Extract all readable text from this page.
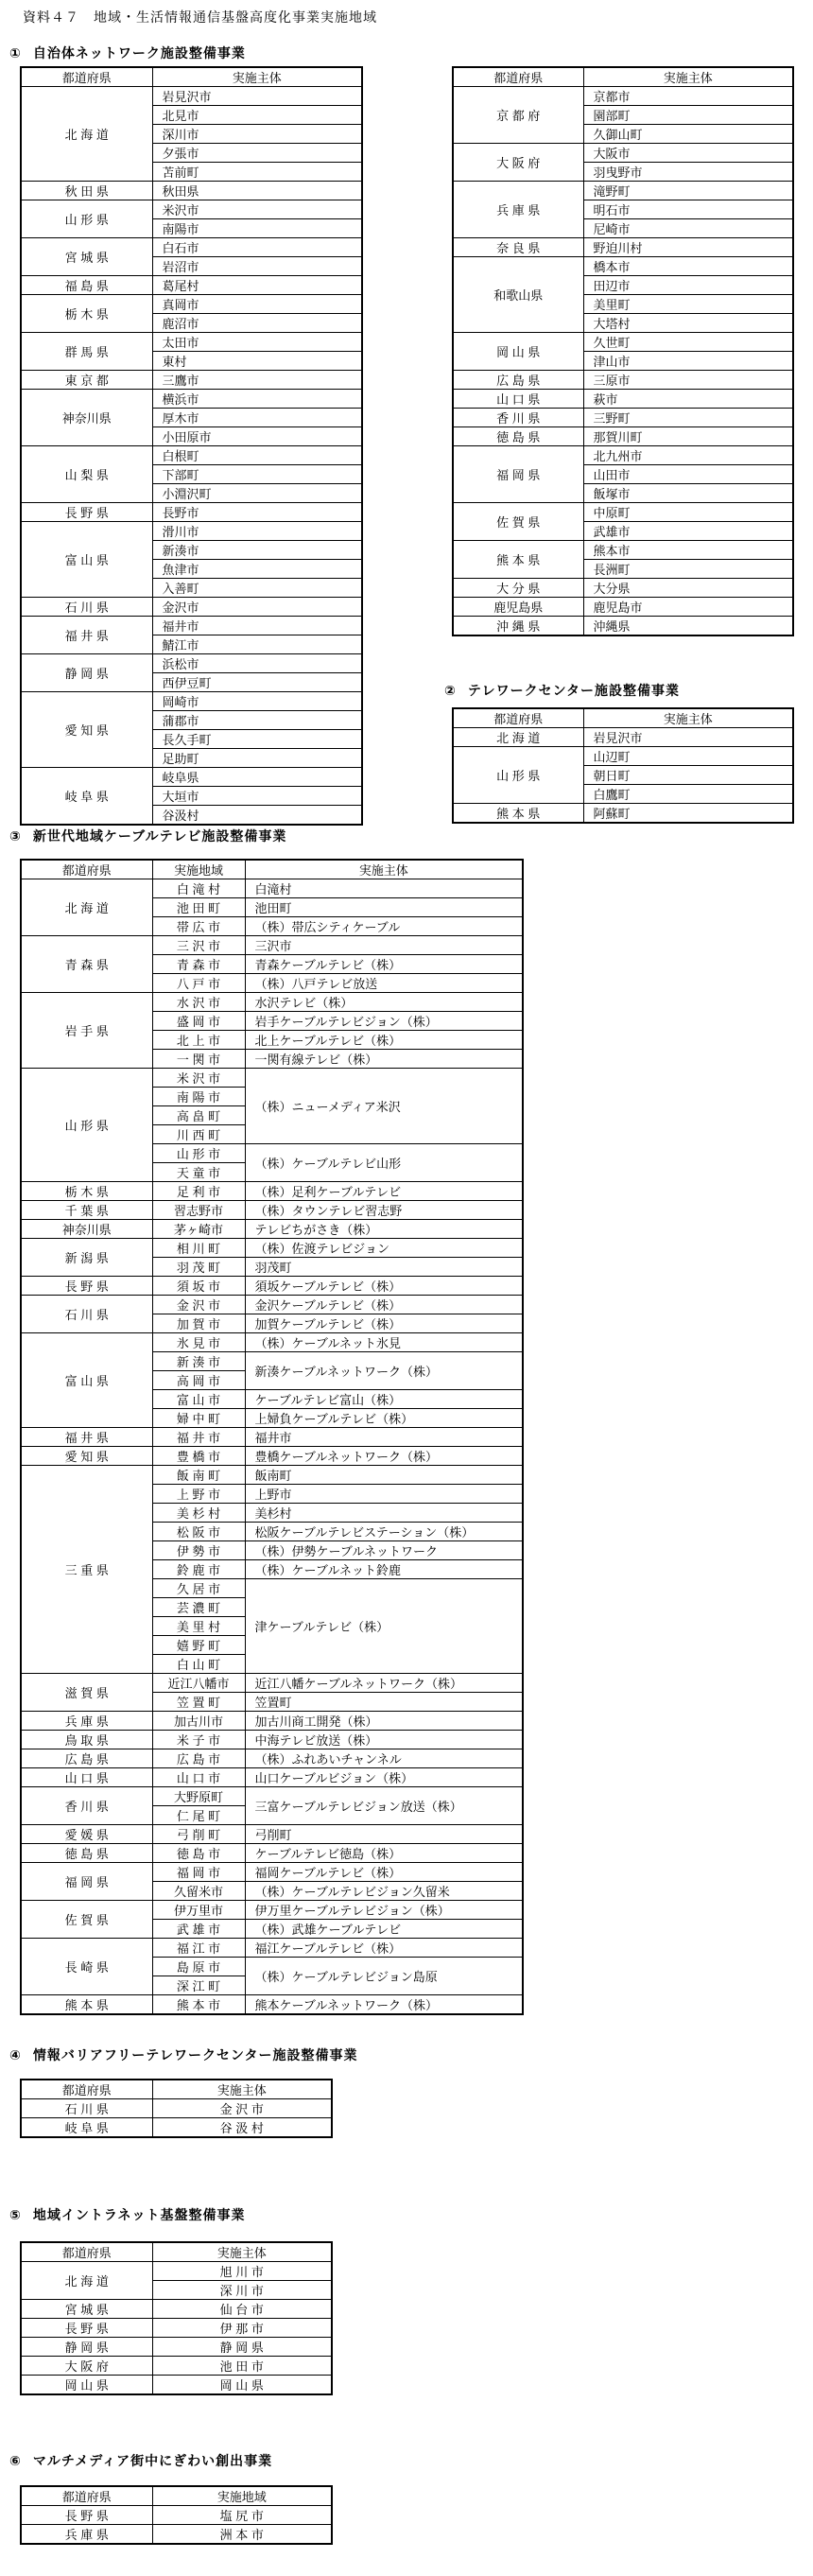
資料４７　地域・生活情報通信基盤高度化事業実施地域
① 自治体ネットワーク施設整備事業
都道府県	実施主体
北 海 道	岩見沢市
	北見市
	深川市
	夕張市
	苫前町
秋 田 県	秋田県
山 形 県	米沢市
	南陽市
宮 城 県	白石市
	岩沼市
福 島 県	葛尾村
栃 木 県	真岡市
	鹿沼市
群 馬 県	太田市
	東村
東 京 都	三鷹市
神奈川県	横浜市
	厚木市
	小田原市
山 梨 県	白根町
	下部町
	小淵沢町
長 野 県	長野市
富 山 県	滑川市
	新湊市
	魚津市
	入善町
石 川 県	金沢市
福 井 県	福井市
	鯖江市
静 岡 県	浜松市
	西伊豆町
愛 知 県	岡崎市
	蒲郡市
	長久手町
	足助町
岐 阜 県	岐阜県
	大垣市
	谷汲村
都道府県	実施主体
京 都 府	京都市
	園部町
	久御山町
大 阪 府	大阪市
	羽曳野市
兵 庫 県	滝野町
	明石市
	尼崎市
奈 良 県	野迫川村
和歌山県	橋本市
	田辺市
	美里町
	大塔村
岡 山 県	久世町
	津山市
広 島 県	三原市
山 口 県	萩市
香 川 県	三野町
徳 島 県	那賀川町
福 岡 県	北九州市
	山田市
	飯塚市
佐 賀 県	中原町
	武雄市
熊 本 県	熊本市
	長洲町
大 分 県	大分県
鹿児島県	鹿児島市
沖 縄 県	沖縄県
② テレワークセンター施設整備事業
都道府県	実施主体
北 海 道	岩見沢市
山 形 県	山辺町
	朝日町
	白鷹町
熊 本 県	阿蘇町
③ 新世代地域ケーブルテレビ施設整備事業
都道府県	実施地域	実施主体
北 海 道	白 滝 村	白滝村
	池 田 町	池田町
	帯 広 市	（株）帯広シティケーブル
青 森 県	三 沢 市	三沢市
	青 森 市	青森ケーブルテレビ（株）
	八 戸 市	（株）八戸テレビ放送
岩 手 県	水 沢 市	水沢テレビ（株）
	盛 岡 市	岩手ケーブルテレビジョン（株）
	北 上 市	北上ケーブルテレビ（株）
	一 関 市	一関有線テレビ（株）
山 形 県	米 沢 市	（株）ニューメディア米沢
	南 陽 市	
	高 畠 町	
	川 西 町	
	山 形 市	（株）ケーブルテレビ山形
	天 童 市	
栃 木 県	足 利 市	（株）足利ケーブルテレビ
千 葉 県	習志野市	（株）タウンテレビ習志野
神奈川県	茅ヶ崎市	テレビちがさき（株）
新 潟 県	相 川 町	（株）佐渡テレビジョン
	羽 茂 町	羽茂町
長 野 県	須 坂 市	須坂ケーブルテレビ（株）
石 川 県	金 沢 市	金沢ケーブルテレビ（株）
	加 賀 市	加賀ケーブルテレビ（株）
富 山 県	氷 見 市	（株）ケーブルネット氷見
	新 湊 市	新湊ケーブルネットワーク（株）
	高 岡 市	
	富 山 市	ケーブルテレビ富山（株）
	婦 中 町	上婦負ケーブルテレビ（株）
福 井 県	福 井 市	福井市
愛 知 県	豊 橋 市	豊橋ケーブルネットワーク（株）
三 重 県	飯 南 町	飯南町
	上 野 市	上野市
	美 杉 村	美杉村
	松 阪 市	松阪ケーブルテレビステーション（株）
	伊 勢 市	（株）伊勢ケーブルネットワーク
	鈴 鹿 市	（株）ケーブルネット鈴鹿
	久 居 市	津ケーブルテレビ（株）
	芸 濃 町	
	美 里 村	
	嬉 野 町	
	白 山 町	
滋 賀 県	近江八幡市	近江八幡ケーブルネットワーク（株）
	笠 置 町	笠置町
兵 庫 県	加古川市	加古川商工開発（株）
鳥 取 県	米 子 市	中海テレビ放送（株）
広 島 県	広 島 市	（株）ふれあいチャンネル
山 口 県	山 口 市	山口ケーブルビジョン（株）
香 川 県	大野原町	三富ケーブルテレビジョン放送（株）
	仁 尾 町	
愛 媛 県	弓 削 町	弓削町
徳 島 県	徳 島 市	ケーブルテレビ徳島（株）
福 岡 県	福 岡 市	福岡ケーブルテレビ（株）
	久留米市	（株）ケーブルテレビジョン久留米
佐 賀 県	伊万里市	伊万里ケーブルテレビジョン（株）
	武 雄 市	（株）武雄ケーブルテレビ
長 崎 県	福 江 市	福江ケーブルテレビ（株）
	島 原 市	（株）ケーブルテレビジョン島原
	深 江 町	
熊 本 県	熊 本 市	熊本ケーブルネットワーク（株）
④ 情報バリアフリーテレワークセンター施設整備事業
都道府県	実施主体
石 川 県	金 沢 市
岐 阜 県	谷 汲 村
⑤ 地域イントラネット基盤整備事業
都道府県	実施主体
北 海 道	旭 川 市
	深 川 市
宮 城 県	仙 台 市
長 野 県	伊 那 市
静 岡 県	静 岡 県
大 阪 府	池 田 市
岡 山 県	岡 山 県
⑥ マルチメディア街中にぎわい創出事業
都道府県	実施地域
長 野 県	塩 尻 市
兵 庫 県	洲 本 市
